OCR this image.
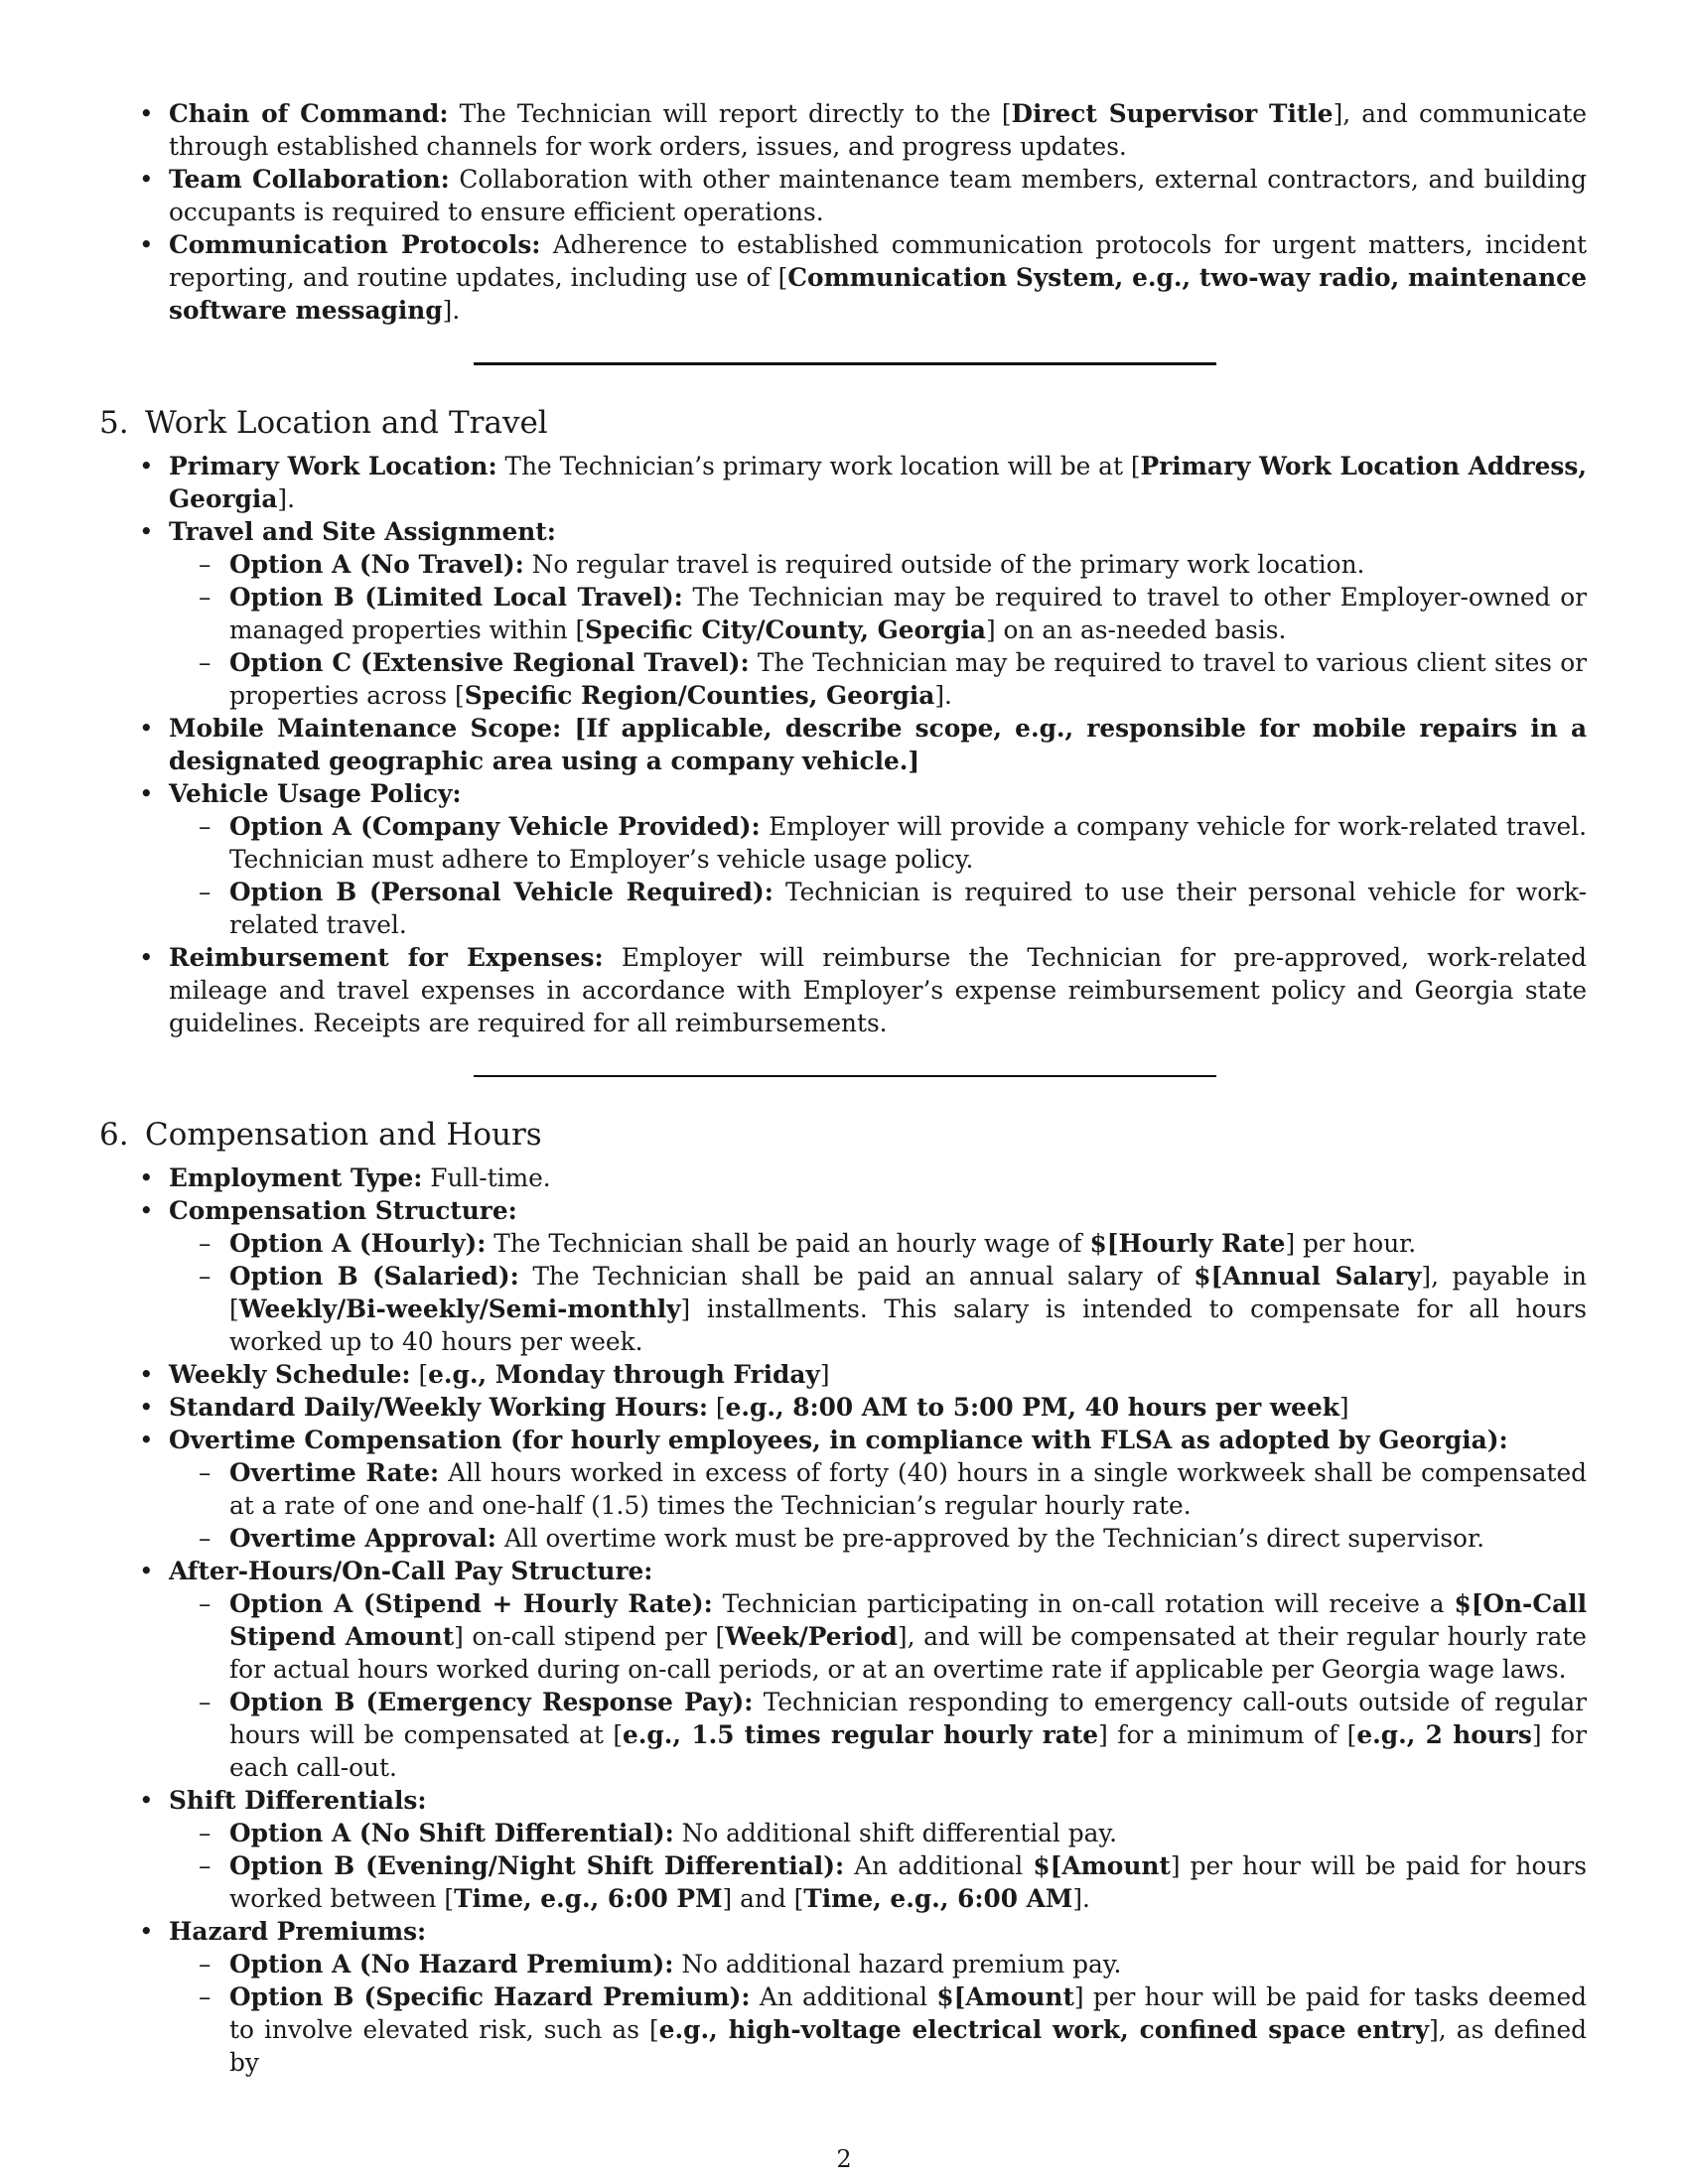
• Chain of Command: The Technician will report directly to the [Direct Supervisor Title], and communicate through established channels for work orders, issues, and progress updates.
• Team Collaboration: Collaboration with other maintenance team members, external contractors, and building occupants is required to ensure efficient operations.
• Communication Protocols: Adherence to established communication protocols for urgent matters, incident reporting, and routine updates, including use of [Communication System, e.g., two-way radio, maintenance software messaging].
5. Work Location and Travel
• Primary Work Location: The Technician’s primary work location will be at [Primary Work Location Address, Georgia].
• Travel and Site Assignment:
– Option A (No Travel): No regular travel is required outside of the primary work location.
– Option B (Limited Local Travel): The Technician may be required to travel to other Employer-owned or managed properties within [Specific City/County, Georgia] on an as-needed basis.
– Option C (Extensive Regional Travel): The Technician may be required to travel to various client sites or properties across [Specific Region/Counties, Georgia].
• Mobile Maintenance Scope: [If applicable, describe scope, e.g., responsible for mobile repairs in a designated geographic area using a company vehicle.]
• Vehicle Usage Policy:
– Option A (Company Vehicle Provided): Employer will provide a company vehicle for work-related travel. Technician must adhere to Employer’s vehicle usage policy.
– Option B (Personal Vehicle Required): Technician is required to use their personal vehicle for work-related travel.
• Reimbursement for Expenses: Employer will reimburse the Technician for pre-approved, work-related mileage and travel expenses in accordance with Employer’s expense reimbursement policy and Georgia state guidelines. Receipts are required for all reimbursements.
6. Compensation and Hours
• Employment Type: Full-time.
• Compensation Structure:
– Option A (Hourly): The Technician shall be paid an hourly wage of $[Hourly Rate] per hour.
– Option B (Salaried): The Technician shall be paid an annual salary of $[Annual Salary], payable in [Weekly/Bi-weekly/Semi-monthly] installments. This salary is intended to compensate for all hours worked up to 40 hours per week.
• Weekly Schedule: [e.g., Monday through Friday]
• Standard Daily/Weekly Working Hours: [e.g., 8:00 AM to 5:00 PM, 40 hours per week]
• Overtime Compensation (for hourly employees, in compliance with FLSA as adopted by Georgia):
– Overtime Rate: All hours worked in excess of forty (40) hours in a single workweek shall be compensated at a rate of one and one-half (1.5) times the Technician’s regular hourly rate.
– Overtime Approval: All overtime work must be pre-approved by the Technician’s direct supervisor.
• After-Hours/On-Call Pay Structure:
– Option A (Stipend + Hourly Rate): Technician participating in on-call rotation will receive a $[On-Call Stipend Amount] on-call stipend per [Week/Period], and will be compensated at their regular hourly rate for actual hours worked during on-call periods, or at an overtime rate if applicable per Georgia wage laws.
– Option B (Emergency Response Pay): Technician responding to emergency call-outs outside of regular hours will be compensated at [e.g., 1.5 times regular hourly rate] for a minimum of [e.g., 2 hours] for each call-out.
• Shift Differentials:
– Option A (No Shift Differential): No additional shift differential pay.
– Option B (Evening/Night Shift Differential): An additional $[Amount] per hour will be paid for hours worked between [Time, e.g., 6:00 PM] and [Time, e.g., 6:00 AM].
• Hazard Premiums:
– Option A (No Hazard Premium): No additional hazard premium pay.
– Option B (Specific Hazard Premium): An additional $[Amount] per hour will be paid for tasks deemed to involve elevated risk, such as [e.g., high-voltage electrical work, confined space entry], as defined by
2
